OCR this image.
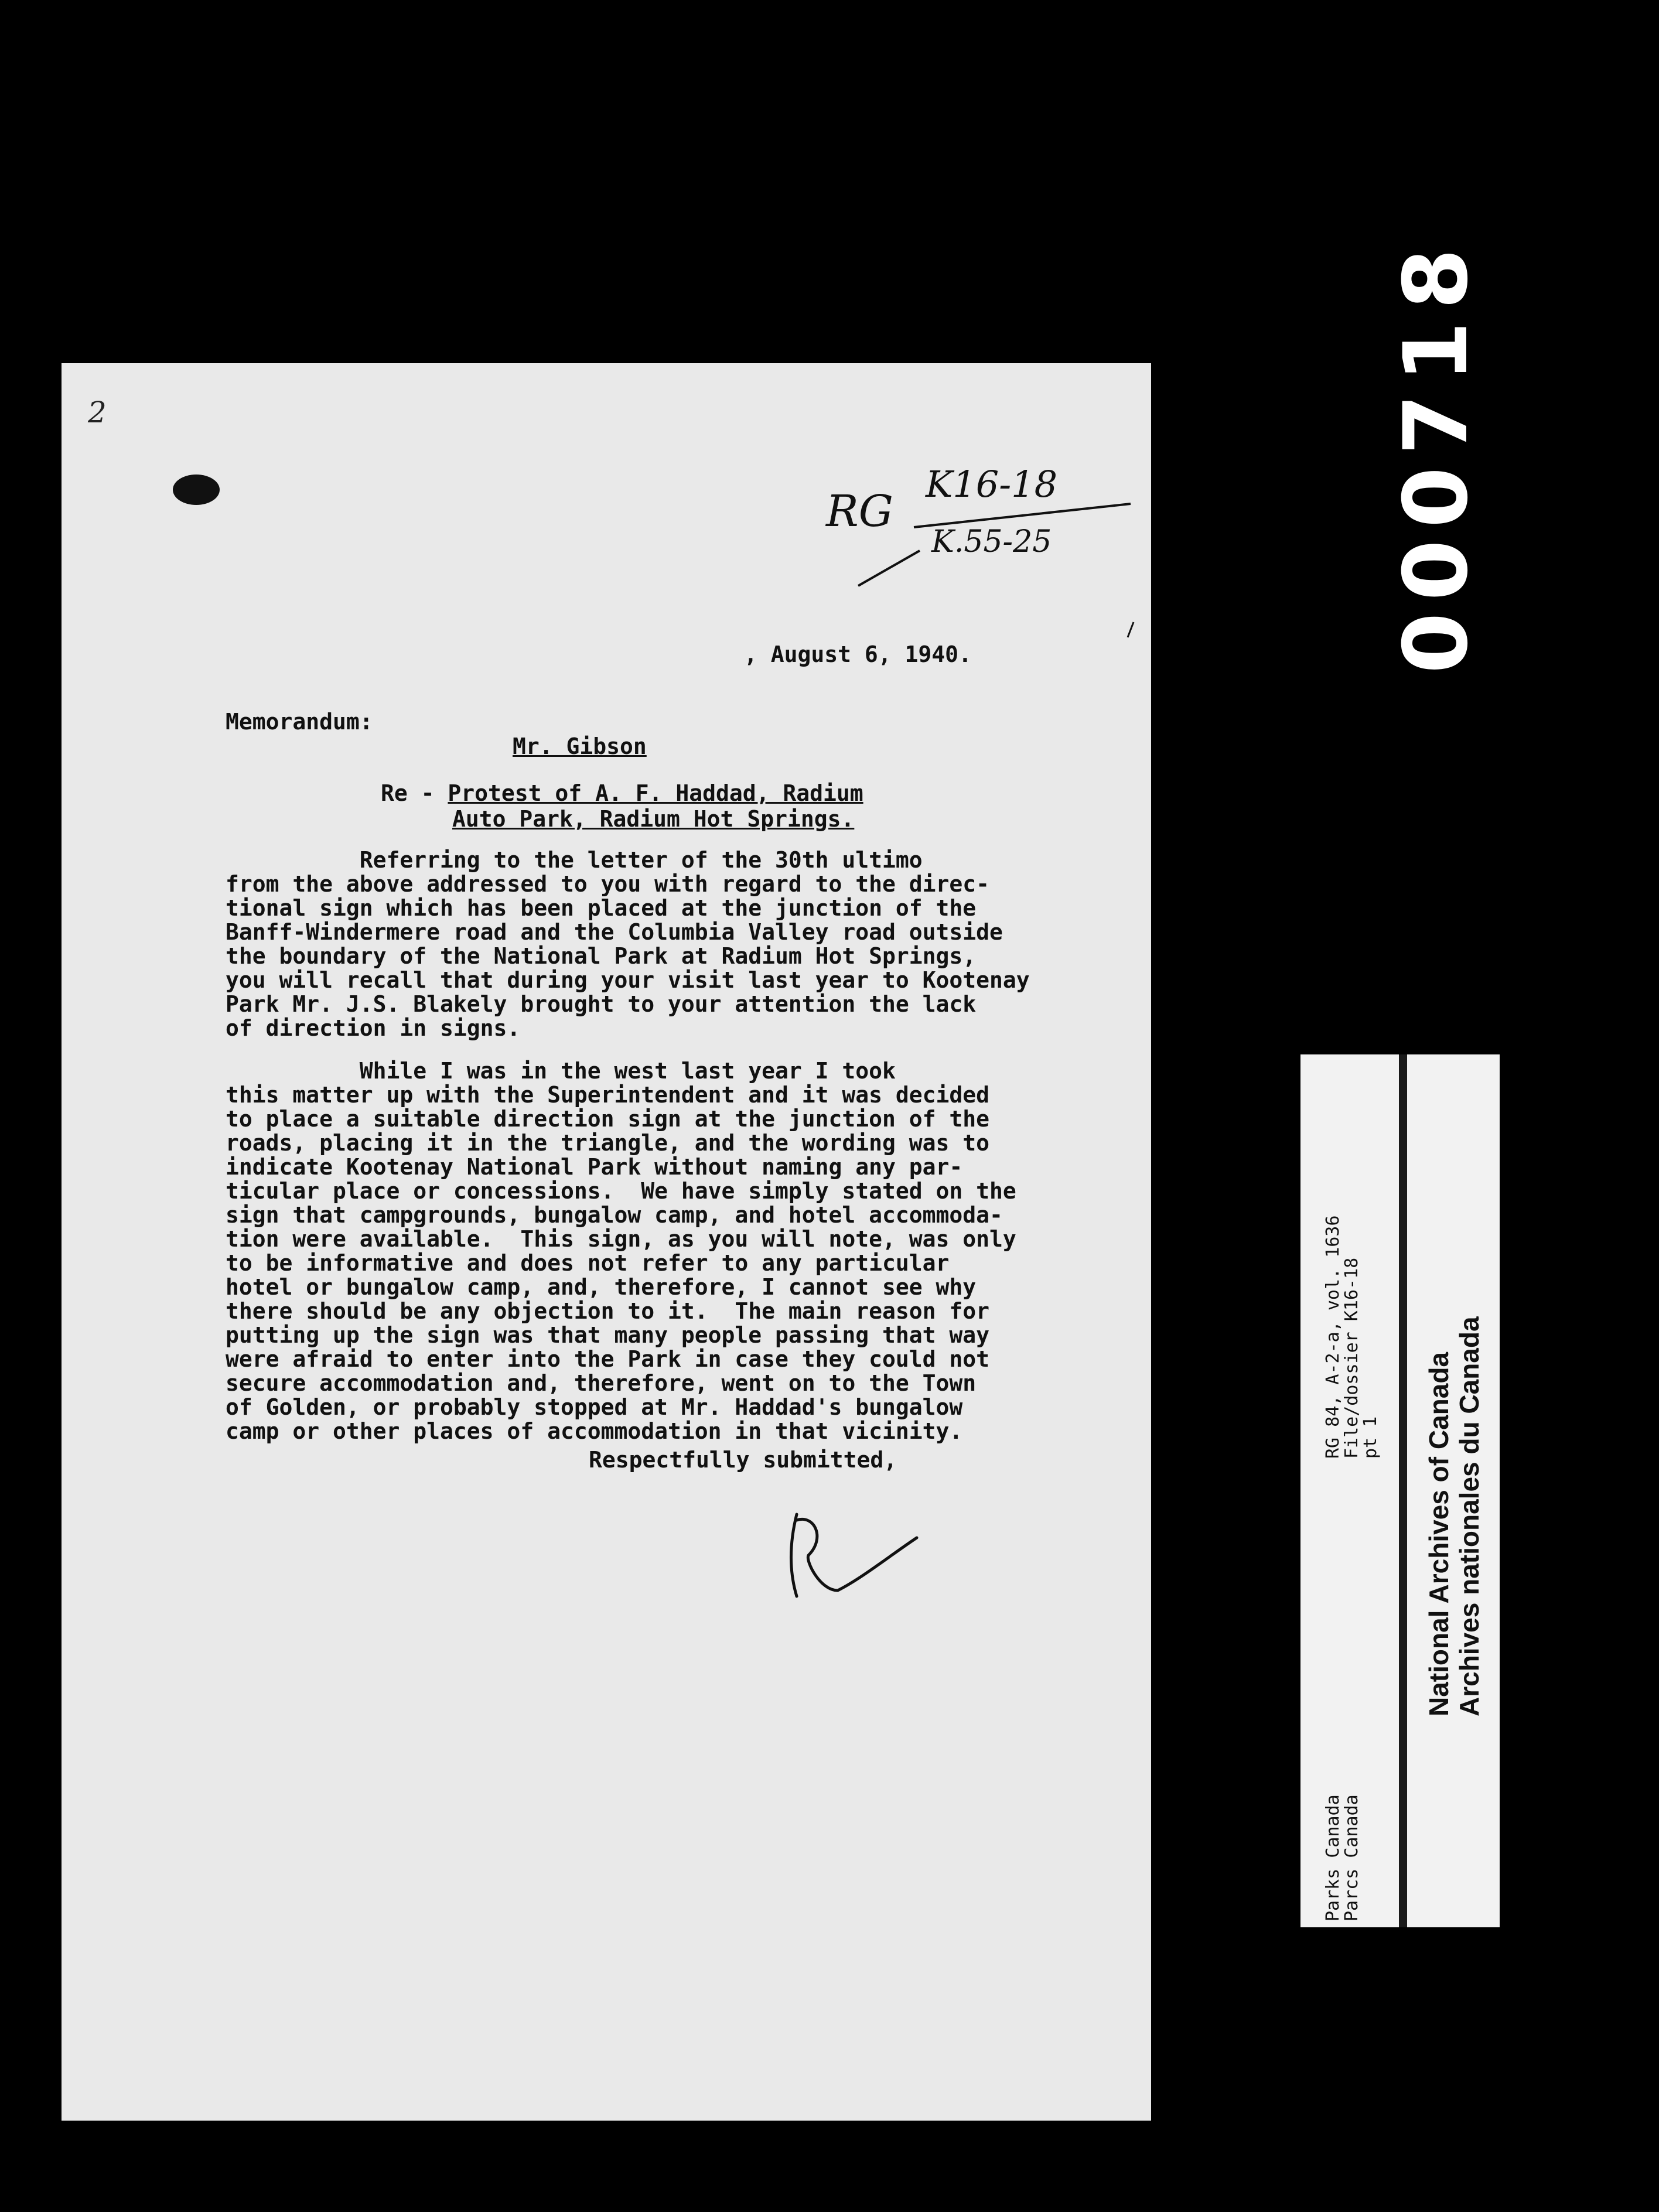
000718
2
RG
K16-18
K.55-25
, August 6, 1940.
Memorandum:
Mr. Gibson
Re - Protest of A. F. Haddad, Radium
Auto Park, Radium Hot Springs.
Referring to the letter of the 30th ultimo
from the above addressed to you with regard to the direc-
tional sign which has been placed at the junction of the
Banff-Windermere road and the Columbia Valley road outside
the boundary of the National Park at Radium Hot Springs,
you will recall that during your visit last year to Kootenay
Park Mr. J.S. Blakely brought to your attention the lack
of direction in signs.
While I was in the west last year I took
this matter up with the Superintendent and it was decided
to place a suitable direction sign at the junction of the
roads, placing it in the triangle, and the wording was to
indicate Kootenay National Park without naming any par-
ticular place or concessions.  We have simply stated on the
sign that campgrounds, bungalow camp, and hotel accommoda-
tion were available.  This sign, as you will note, was only
to be informative and does not refer to any particular
hotel or bungalow camp, and, therefore, I cannot see why
there should be any objection to it.  The main reason for
putting up the sign was that many people passing that way
were afraid to enter into the Park in case they could not
secure accommodation and, therefore, went on to the Town
of Golden, or probably stopped at Mr. Haddad's bungalow
camp or other places of accommodation in that vicinity.
Respectfully submitted,
RG 84, A-2-a, vol. 1636
File/dossier K16-18
pt 1
Parks Canada
Parcs Canada
National Archives of Canada Archives nationales du Canada
